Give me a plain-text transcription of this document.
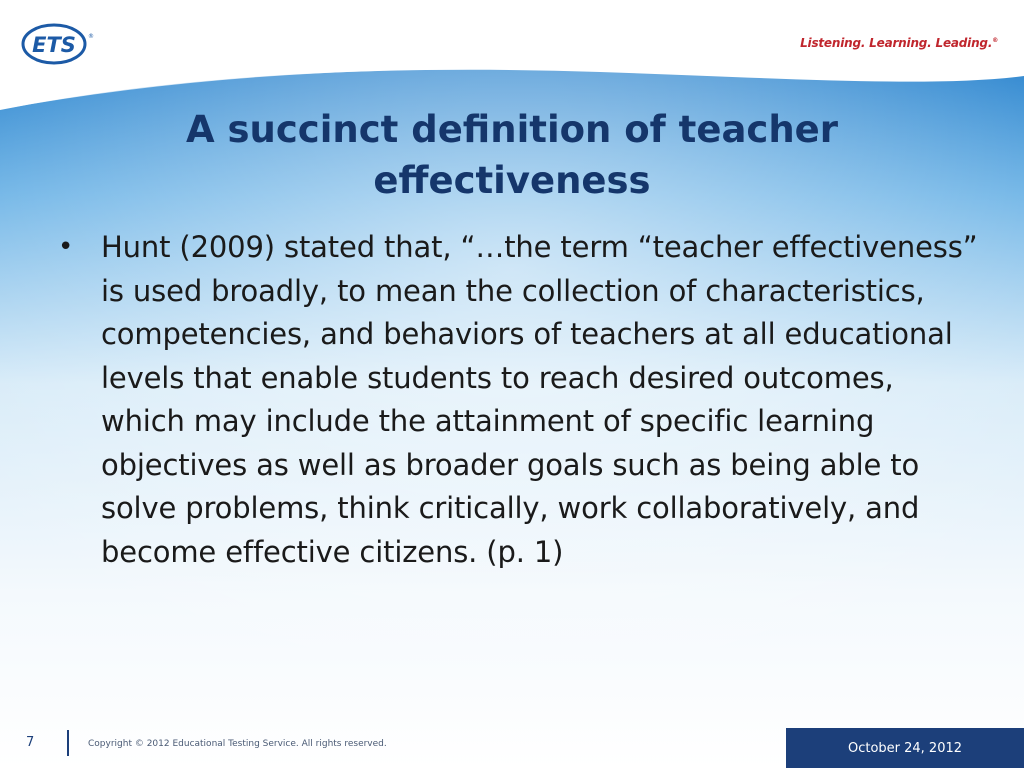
ETS ®	Listening. Learning. Leading.®
A succinct definition of teacher effectiveness
• Hunt (2009) stated that, “…the term “teacher effectiveness” is used broadly, to mean the collection of characteristics, competencies, and behaviors of teachers at all educational levels that enable students to reach desired outcomes, which may include the attainment of specific learning objectives as well as broader goals such as being able to solve problems, think critically, work collaboratively, and become effective citizens. (p. 1)
7	Copyright © 2012 Educational Testing Service. All rights reserved.	October 24, 2012
